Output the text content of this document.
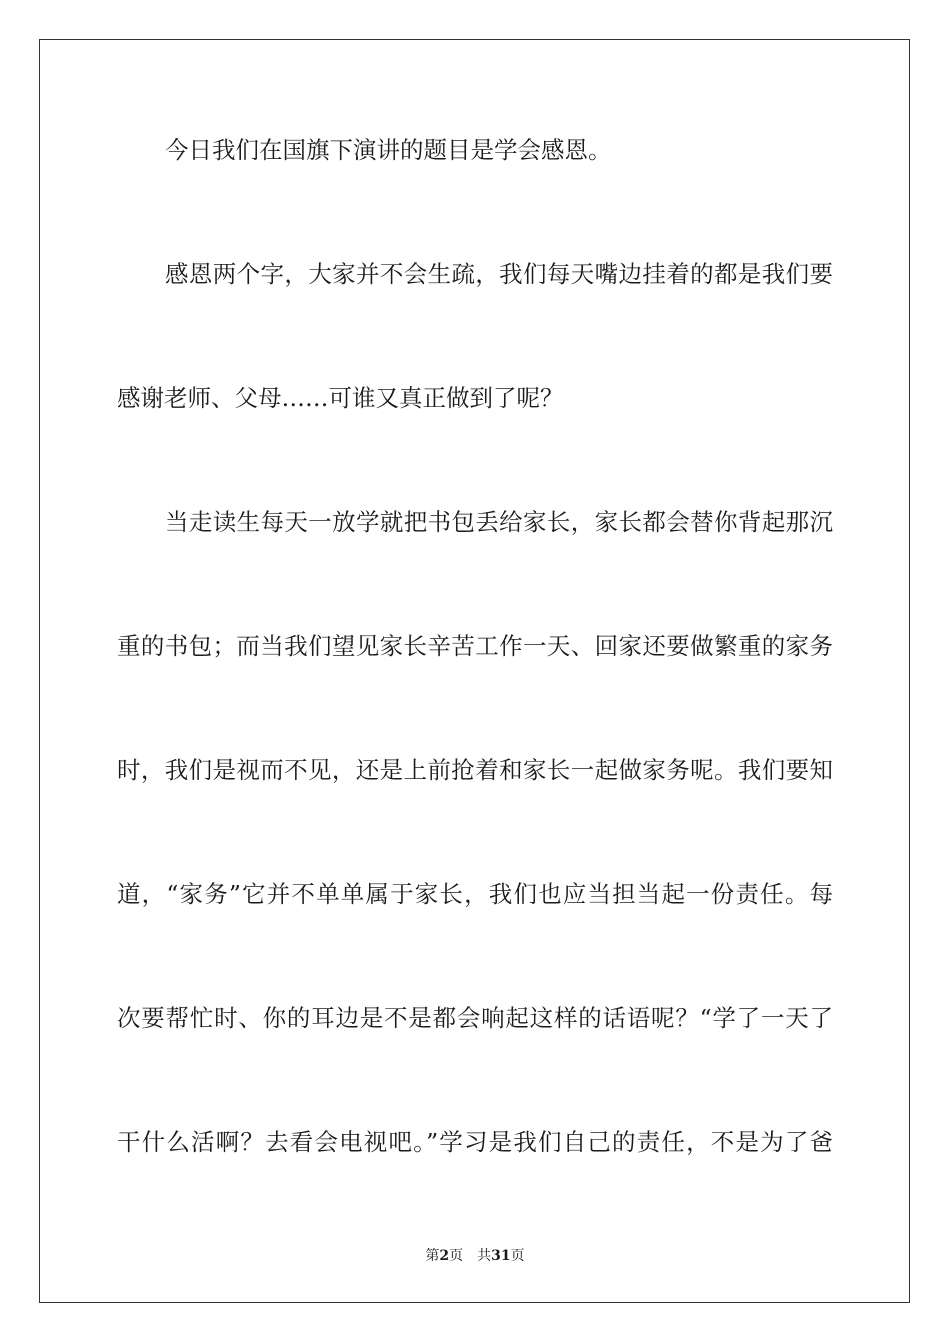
今日我们在国旗下演讲的题目是学会感恩。
感恩两个字，大家并不会生疏，我们每天嘴边挂着的都是我们要
感谢老师、父母……可谁又真正做到了呢？
当走读生每天一放学就把书包丢给家长，家长都会替你背起那沉
重的书包；而当我们望见家长辛苦工作一天、回家还要做繁重的家务
时，我们是视而不见，还是上前抢着和家长一起做家务呢。我们要知
道，“家务”它并不单单属于家长，我们也应当担当起一份责任。每
次要帮忙时、你的耳边是不是都会响起这样的话语呢？“学了一天了
干什么活啊？去看会电视吧。”学习是我们自己的责任，不是为了爸
第2页 共31页
